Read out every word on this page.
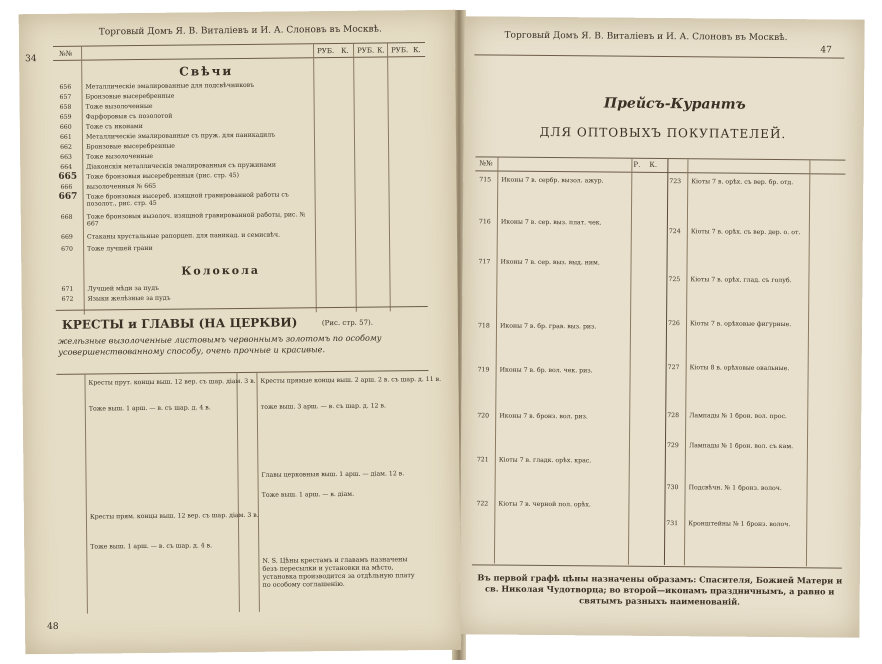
34
Торговый Домъ Я. В. Виталіевъ и И. А. Слоновъ въ Москвѣ.
№№	РУБ. К. РУБ. К. РУБ. К.
Свѣчи
656 Металлическіе эмалированные для подсвѣчниковъ
657 Бронзовые высеребренные
658 Тоже вызолоченные
659 Фарфоровыя съ позолотой
660 Тоже съ иконами
661 Металлическіе эмалированные съ пруж. для паникадилъ
662 Бронзовые высеребренные
663 Тоже вызолоченные
664 Діаконскія металлическія эмалированныя съ пружинами
665 Тоже бронзовыя высеребренныя (рис. стр. 45)
666 вызолоченныя № 665
667 Тоже бронзовыя высереб. изящной гравированной работы съ позолот., рис. стр. 45
668 Тоже бронзовыя вызолоч. изящной гравированной работы, рис. № 667
669 Стаканы хрустальные рапорцеп. для паникад. и семисвѣч.
670 Тоже лучшей грани
Колокола
671 Лучшей мѣди за пудъ
672 Языки желѣзные за пудъ
КРЕСТЫ и ГЛАВЫ (НА ЦЕРКВИ)	(Рис. стр. 57).
желѣзные вызолоченные листовымъ червоннымъ золотомъ по особому усовершенствованному способу, очень прочные и красивые.
Кресты прут. концы выш. 12 вер. съ шар. діам. 3 в.
Тоже выш. 1 арш. — в. съ шар. д. 4 в.
Кресты прям. концы выш. 12 вер. съ шар. діам. 3 в.
Тоже выш. 1 арш. — в. съ шар. д. 4 в.
Кресты прямые концы выш. 2 арш. 2 в. съ шар. д. 11 в.
тоже выш. 3 арш. — в. съ шар. д. 12 в.
Главы церковныя выш. 1 арш. — діам. 12 в.
Тоже выш. 1 арш. — в. діам.
N. S. Цѣны крестамъ и главамъ назначены безъ пересылки и установки на мѣсто, установка производится за отдѣльную плату по особому соглашенію.
48
Торговый Домъ Я. В. Виталіевъ и И. А. Слоновъ въ Москвѣ.
47
Прейсъ-Курантъ
ДЛЯ ОПТОВЫХЪ ПОКУПАТЕЛЕЙ.
№№	Р. К.
715 Иконы 7 в. сербр. вызол. ажур.
716 Иконы 7 в. сер. выз. плат. чек.
717 Иконы 7 в. сер. выз. выд. ним.
718 Иконы 7 в. бр. грав. выз. риз.
719 Иконы 7 в. бр. вол. чек. риз.
720 Иконы 7 в. бронз. вол. риз.
721 Кіоты 7 в. гладк. орѣх. крас.
722 Кіоты 7 в. черной пол. орѣх.
723 Кіоты 7 в. орѣх. съ вер. бр. отд.
724 Кіоты 7 в. орѣх. съ вер. дер. о. от.
725 Кіоты 7 в. орѣх. глад. съ голуб.
726 Кіоты 7 в. орѣховые фигурные.
727 Кіоты 8 в. орѣховые овальные.
728 Лампады № 1 брон. вол. прос.
729 Лампады № 1 брон. вол. съ кам.
730 Подсвѣчн. № 1 бронз. волоч.
731 Кронштейны № 1 бронз. волоч.
Въ первой графѣ цѣны назначены образамъ: Спасителя, Божией Матери и св. Николая Чудотворца; во второй—иконамъ праздничнымъ, а равно и святымъ разныхъ наименованій.
